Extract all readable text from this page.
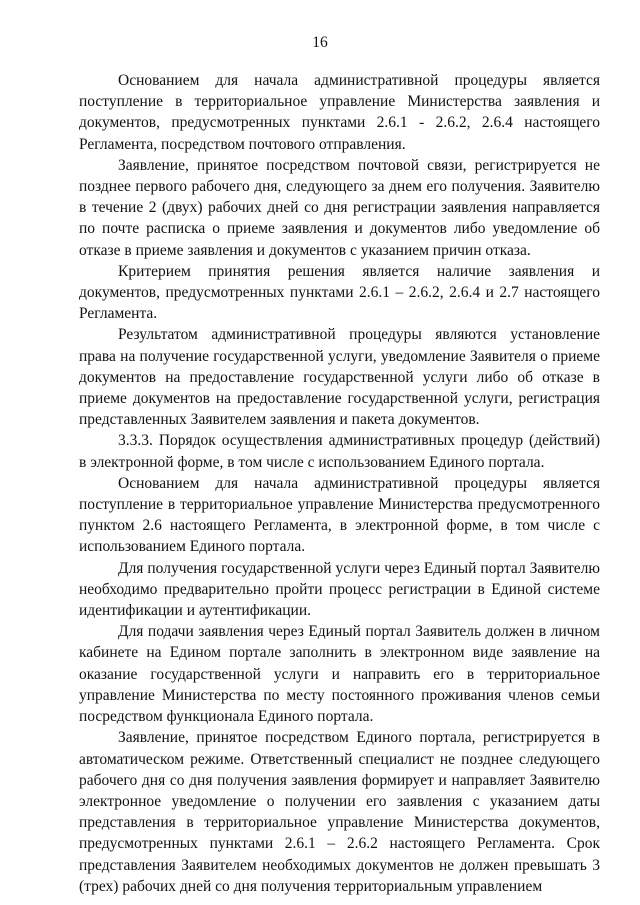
16

Основанием для начала административной процедуры является поступление в территориальное управление Министерства заявления и документов, предусмотренных пунктами 2.6.1 - 2.6.2, 2.6.4 настоящего Регламента, посредством почтового отправления.

Заявление, принятое посредством почтовой связи, регистрируется не позднее первого рабочего дня, следующего за днем его получения. Заявителю в течение 2 (двух) рабочих дней со дня регистрации заявления направляется по почте расписка о приеме заявления и документов либо уведомление об отказе в приеме заявления и документов с указанием причин отказа.

Критерием принятия решения является наличие заявления и документов, предусмотренных пунктами 2.6.1 – 2.6.2, 2.6.4 и 2.7 настоящего Регламента.

Результатом административной процедуры являются установление права на получение государственной услуги, уведомление Заявителя о приеме документов на предоставление государственной услуги либо об отказе в приеме документов на предоставление государственной услуги, регистрация представленных Заявителем заявления и пакета документов.

3.3.3. Порядок осуществления административных процедур (действий) в электронной форме, в том числе с использованием Единого портала.

Основанием для начала административной процедуры является поступление в территориальное управление Министерства предусмотренного пунктом 2.6 настоящего Регламента, в электронной форме, в том числе с использованием Единого портала.

Для получения государственной услуги через Единый портал Заявителю необходимо предварительно пройти процесс регистрации в Единой системе идентификации и аутентификации.

Для подачи заявления через Единый портал Заявитель должен в личном кабинете на Едином портале заполнить в электронном виде заявление на оказание государственной услуги и направить его в территориальное управление Министерства по месту постоянного проживания членов семьи посредством функционала Единого портала.

Заявление, принятое посредством Единого портала, регистрируется в автоматическом режиме. Ответственный специалист не позднее следующего рабочего дня со дня получения заявления формирует и направляет Заявителю электронное уведомление о получении его заявления с указанием даты представления в территориальное управление Министерства документов, предусмотренных пунктами 2.6.1 – 2.6.2 настоящего Регламента. Срок представления Заявителем необходимых документов не должен превышать 3 (трех) рабочих дней со дня получения территориальным управлением
